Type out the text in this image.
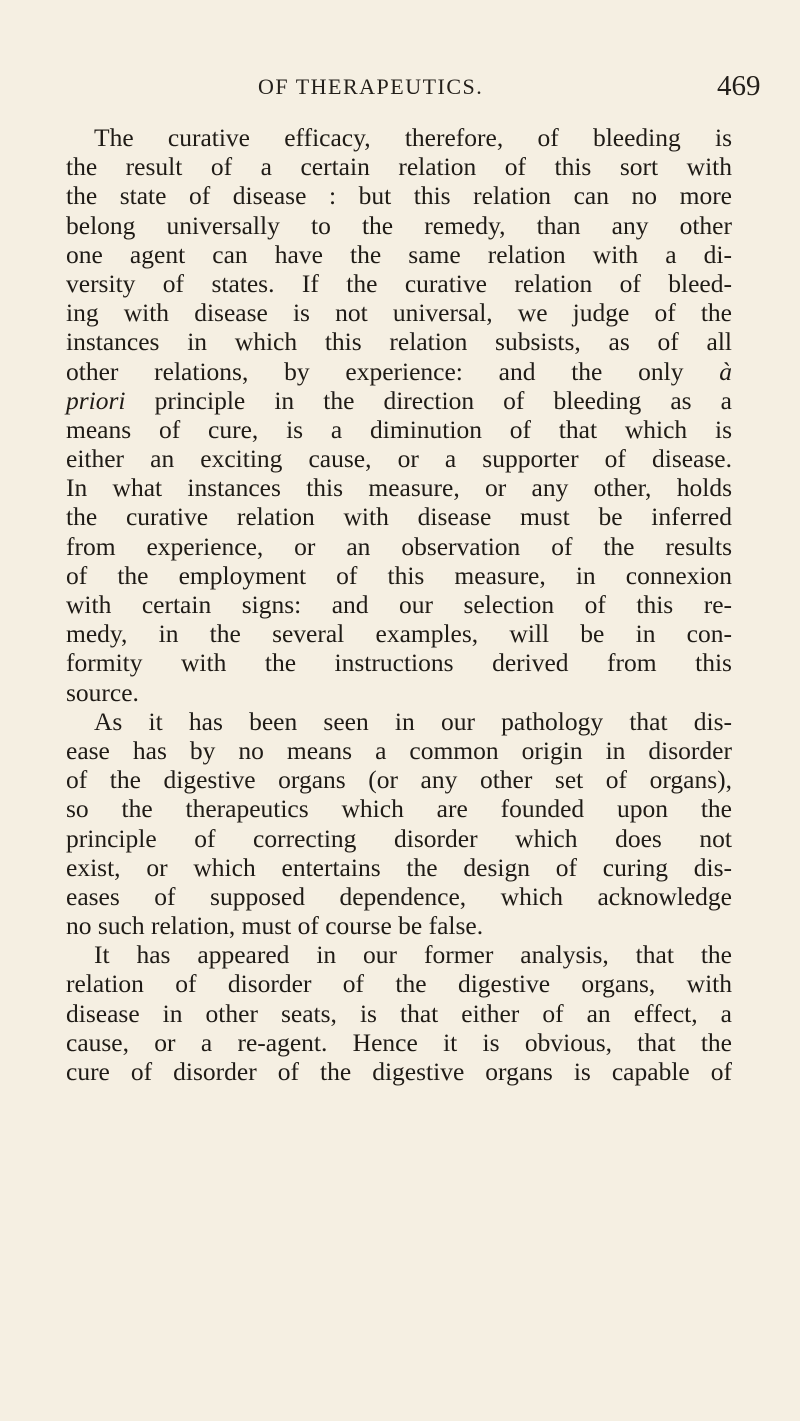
OF THERAPEUTICS.	469
The curative efficacy, therefore, of bleeding is
the result of a certain relation of this sort with
the state of disease : but this relation can no more
belong universally to the remedy, than any other
one agent can have the same relation with a di-
versity of states. If the curative relation of bleed-
ing with disease is not universal, we judge of the
instances in which this relation subsists, as of all
other relations, by experience: and the only à
priori principle in the direction of bleeding as a
means of cure, is a diminution of that which is
either an exciting cause, or a supporter of disease.
In what instances this measure, or any other, holds
the curative relation with disease must be inferred
from experience, or an observation of the results
of the employment of this measure, in connexion
with certain signs: and our selection of this re-
medy, in the several examples, will be in con-
formity with the instructions derived from this
source.
As it has been seen in our pathology that dis-
ease has by no means a common origin in disorder
of the digestive organs (or any other set of organs),
so the therapeutics which are founded upon the
principle of correcting disorder which does not
exist, or which entertains the design of curing dis-
eases of supposed dependence, which acknowledge
no such relation, must of course be false.
It has appeared in our former analysis, that the
relation of disorder of the digestive organs, with
disease in other seats, is that either of an effect, a
cause, or a re-agent. Hence it is obvious, that the
cure of disorder of the digestive organs is capable of
